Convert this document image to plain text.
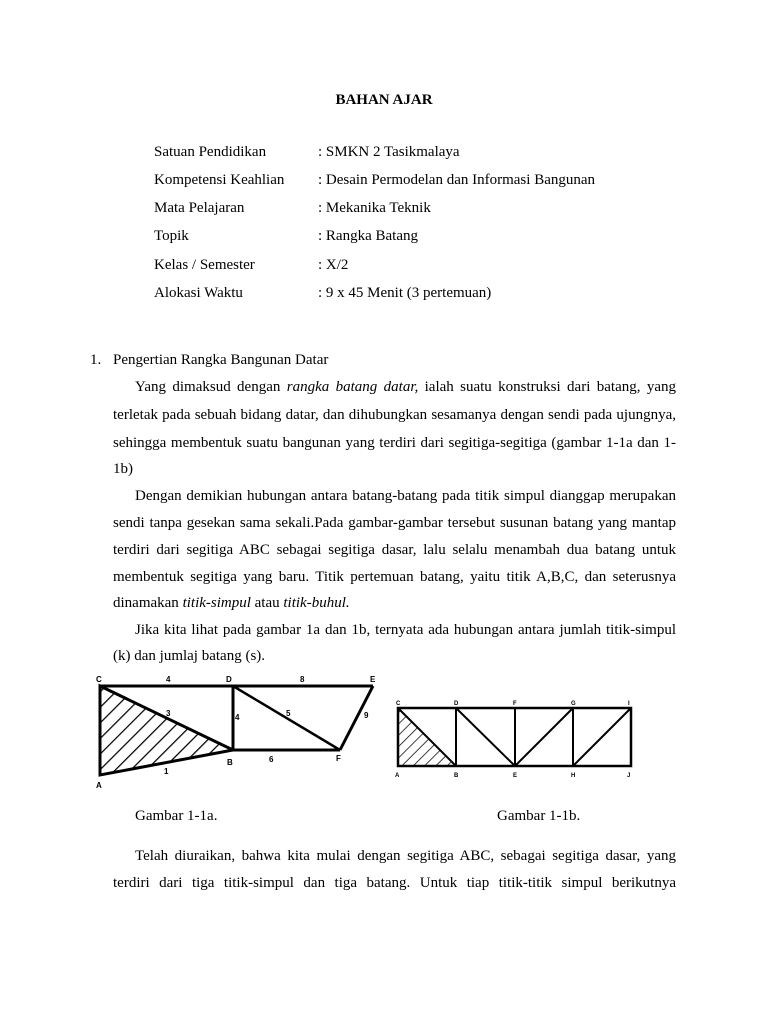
BAHAN AJAR
Satuan Pendidikan	: SMKN 2 Tasikmalaya
Kompetensi Keahlian : Desain Permodelan dan Informasi Bangunan
Mata Pelajaran	: Mekanika Teknik
Topik	: Rangka Batang
Kelas / Semester	: X/2
Alokasi Waktu	: 9 x 45 Menit (3 pertemuan)
1. Pengertian Rangka Bangunan Datar
Yang dimaksud dengan rangka batang datar, ialah suatu konstruksi dari batang, yang
terletak pada sebuah bidang datar, dan dihubungkan sesamanya dengan sendi pada ujungnya,
sehingga membentuk suatu bangunan yang terdiri dari segitiga-segitiga (gambar 1-1a dan 1-
1b)
Dengan demikian hubungan antara batang-batang pada titik simpul dianggap merupakan
sendi tanpa gesekan sama sekali.Pada gambar-gambar tersebut susunan batang yang mantap
terdiri dari segitiga ABC sebagai segitiga dasar, lalu selalu menambah dua batang untuk
membentuk segitiga yang baru. Titik pertemuan batang, yaitu titik A,B,C, dan seterusnya
dinamakan titik-simpul atau titik-buhul.
Jika kita lihat pada gambar 1a dan 1b, ternyata ada hubungan antara jumlah titik-simpul
(k) dan jumlaj batang (s).
C	D	E
A
B	F
4	8
3	4	5	9
6
1
C	D	F	G	I
A	B	E	H	J
Gambar 1-1a.	Gambar 1-1b.
Telah diuraikan, bahwa kita mulai dengan segitiga ABC, sebagai segitiga dasar, yang
terdiri dari tiga titik-simpul dan tiga batang. Untuk tiap titik-titik simpul berikutnya
